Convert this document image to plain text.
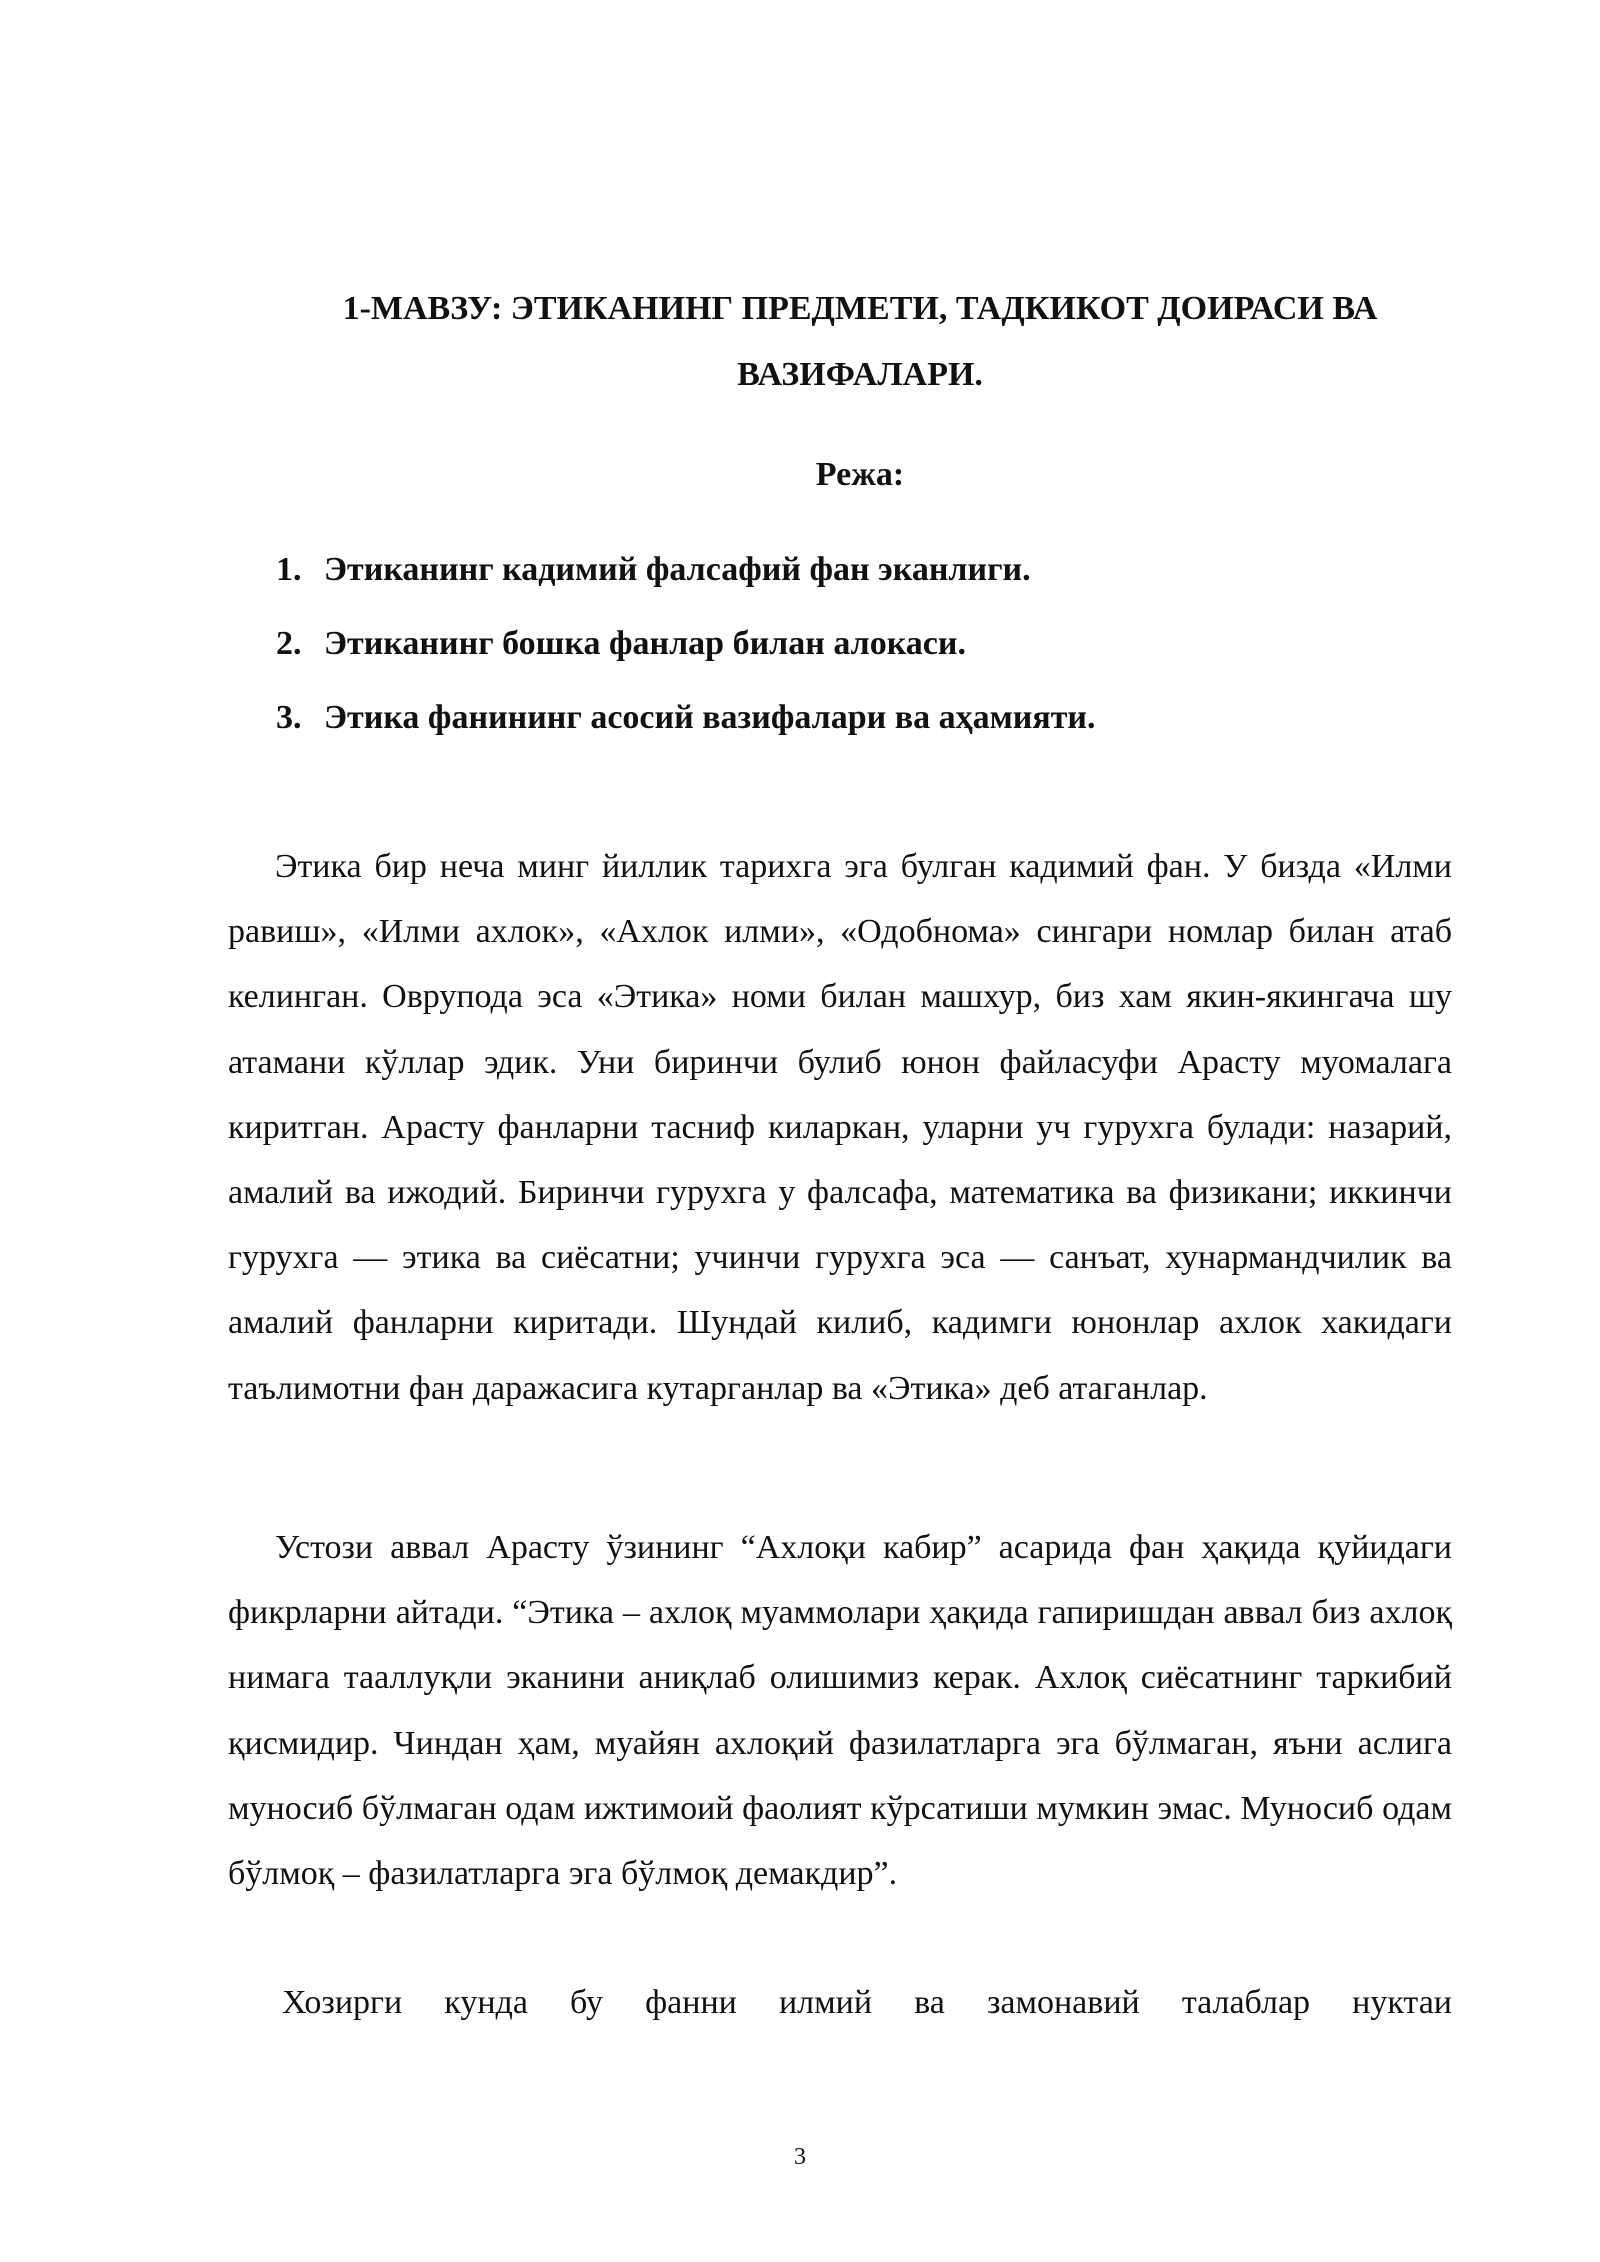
1-МАВЗУ: ЭТИКАНИНГ ПРЕДМЕТИ, ТАДКИКОТ ДОИРАСИ ВА
ВАЗИФАЛАРИ.
Режа:
1. Этиканинг кадимий фалсафий фан эканлиги.
2. Этиканинг бошка фанлар билан алокаси.
3. Этика фанининг асосий вазифалари ва аҳамияти.

Этика бир неча минг йиллик тарихга эга булган кадимий фан. У бизда «Илми равиш», «Илми ахлок», «Ахлок илми», «Одобнома» сингари номлар билан атаб келинган. Оврупода эса «Этика» номи билан машхур, биз хам якин-якингача шу атамани кўллар эдик. Уни биринчи булиб юнон файласуфи Арасту муомалага киритган. Арасту фанларни тасниф киларкан, уларни уч гурухга булади: назарий, амалий ва ижодий. Биринчи гурухга у фалсафа, математика ва физикани; иккинчи гурухга — этика ва сиёсатни; учинчи гурухга эса — санъат, хунармандчилик ва амалий фанларни киритади. Шундай килиб, кадимги юнонлар ахлок хакидаги таълимотни фан даражасига кутарганлар ва «Этика» деб атаганлар.

Устози аввал Арасту ўзининг “Ахлоқи кабир” асарида фан ҳақида қуйидаги фикрларни айтади. “Этика – ахлоқ муаммолари ҳақида гапиришдан аввал биз ахлоқ нимага тааллуқли эканини аниқлаб олишимиз керак. Ахлоқ сиёсатнинг таркибий қисмидир. Чиндан ҳам, муайян ахлоқий фазилатларга эга бўлмаган, яъни аслига муносиб бўлмаган одам ижтимоий фаолият кўрсатиши мумкин эмас. Муносиб одам бўлмоқ – фазилатларга эга бўлмоқ демакдир”.

Хозирги кунда бу фанни илмий ва замонавий талаблар нуктаи

3
